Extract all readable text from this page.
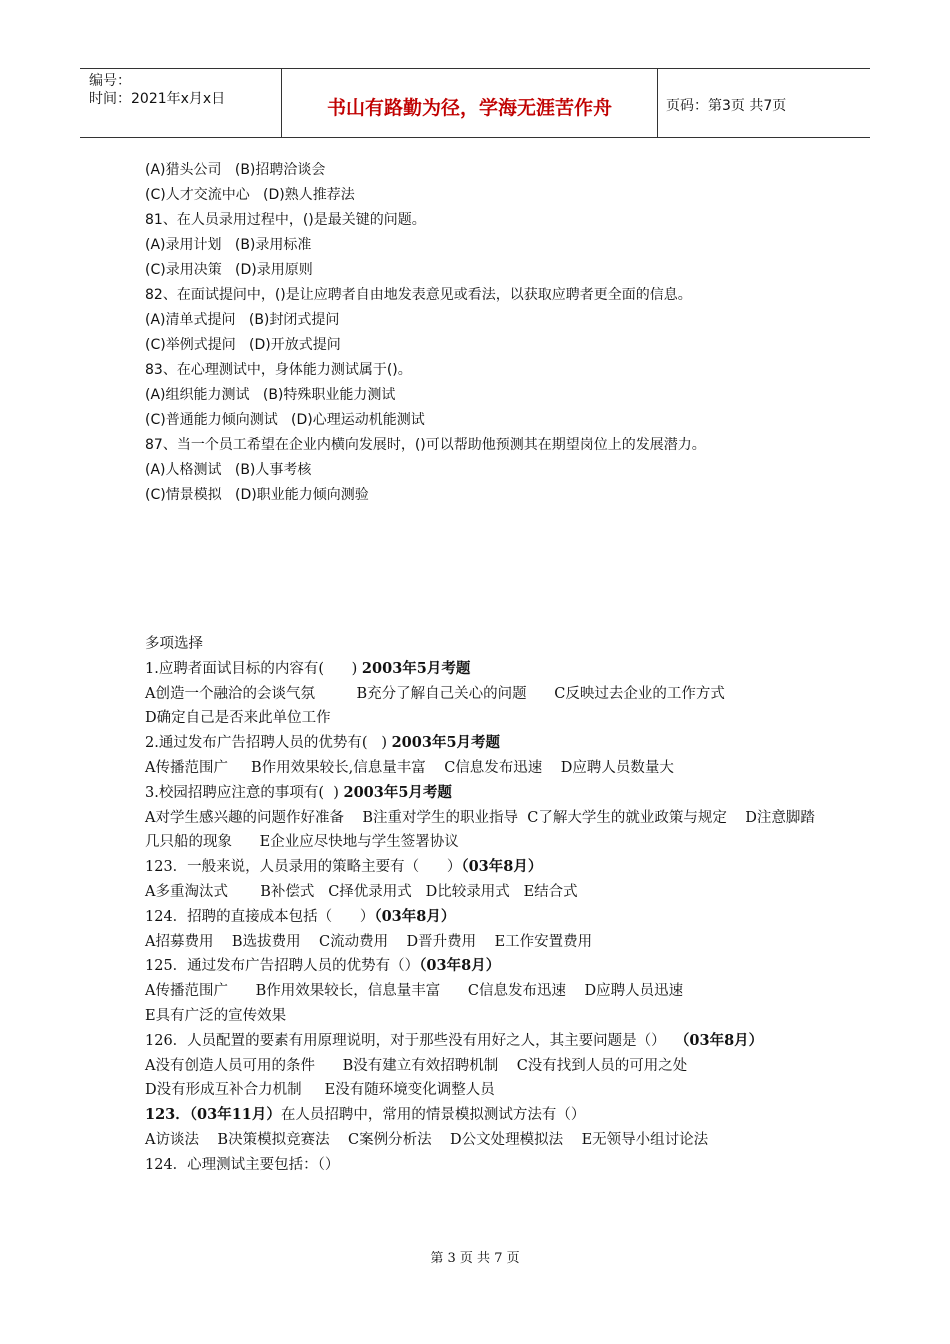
编号：
时间：2021年x月x日	书山有路勤为径，学海无涯苦作舟	页码：第3页 共7页
(A)猎头公司   (B)招聘洽谈会
(C)人才交流中心   (D)熟人推荐法
81、在人员录用过程中，()是最关键的问题。
(A)录用计划   (B)录用标准
(C)录用决策   (D)录用原则
82、在面试提问中，()是让应聘者自由地发表意见或看法，以获取应聘者更全面的信息。
(A)清单式提问   (B)封闭式提问
(C)举例式提问   (D)开放式提问
83、在心理测试中，身体能力测试属于()。
(A)组织能力测试   (B)特殊职业能力测试
(C)普通能力倾向测试   (D)心理运动机能测试
87、当一个员工希望在企业内横向发展时，()可以帮助他预测其在期望岗位上的发展潜力。
(A)人格测试   (B)人事考核
(C)情景模拟   (D)职业能力倾向测验
多项选择
1.应聘者面试目标的内容有(      ) 2003年5月考题
A创造一个融洽的会谈气氛         B充分了解自己关心的问题      C反映过去企业的工作方式
D确定自己是否来此单位工作
2.通过发布广告招聘人员的优势有(   ) 2003年5月考题
A传播范围广     B作用效果较长,信息量丰富    C信息发布迅速    D应聘人员数量大
3.校园招聘应注意的事项有(  ) 2003年5月考题
A对学生感兴趣的问题作好准备    B注重对学生的职业指导  C了解大学生的就业政策与规定    D注意脚踏几只船的现象      E企业应尽快地与学生签署协议
123．一般来说，人员录用的策略主要有（      ）（03年8月）
A多重淘汰式       B补偿式   C择优录用式   D比较录用式   E结合式
124．招聘的直接成本包括（      ）（03年8月）
A招募费用    B选拔费用    C流动费用    D晋升费用    E工作安置费用
125．通过发布广告招聘人员的优势有（）（03年8月）
A传播范围广      B作用效果较长，信息量丰富      C信息发布迅速    D应聘人员迅速
E具有广泛的宣传效果
126．人员配置的要素有用原理说明，对于那些没有用好之人，其主要问题是（）  （03年8月）
A没有创造人员可用的条件      B没有建立有效招聘机制    C没有找到人员的可用之处
D没有形成互补合力机制     E没有随环境变化调整人员
123．（03年11月）在人员招聘中，常用的情景模拟测试方法有（）
A访谈法    B决策模拟竞赛法    C案例分析法    D公文处理模拟法    E无领导小组讨论法
124．心理测试主要包括：（）
第 3 页 共 7 页
